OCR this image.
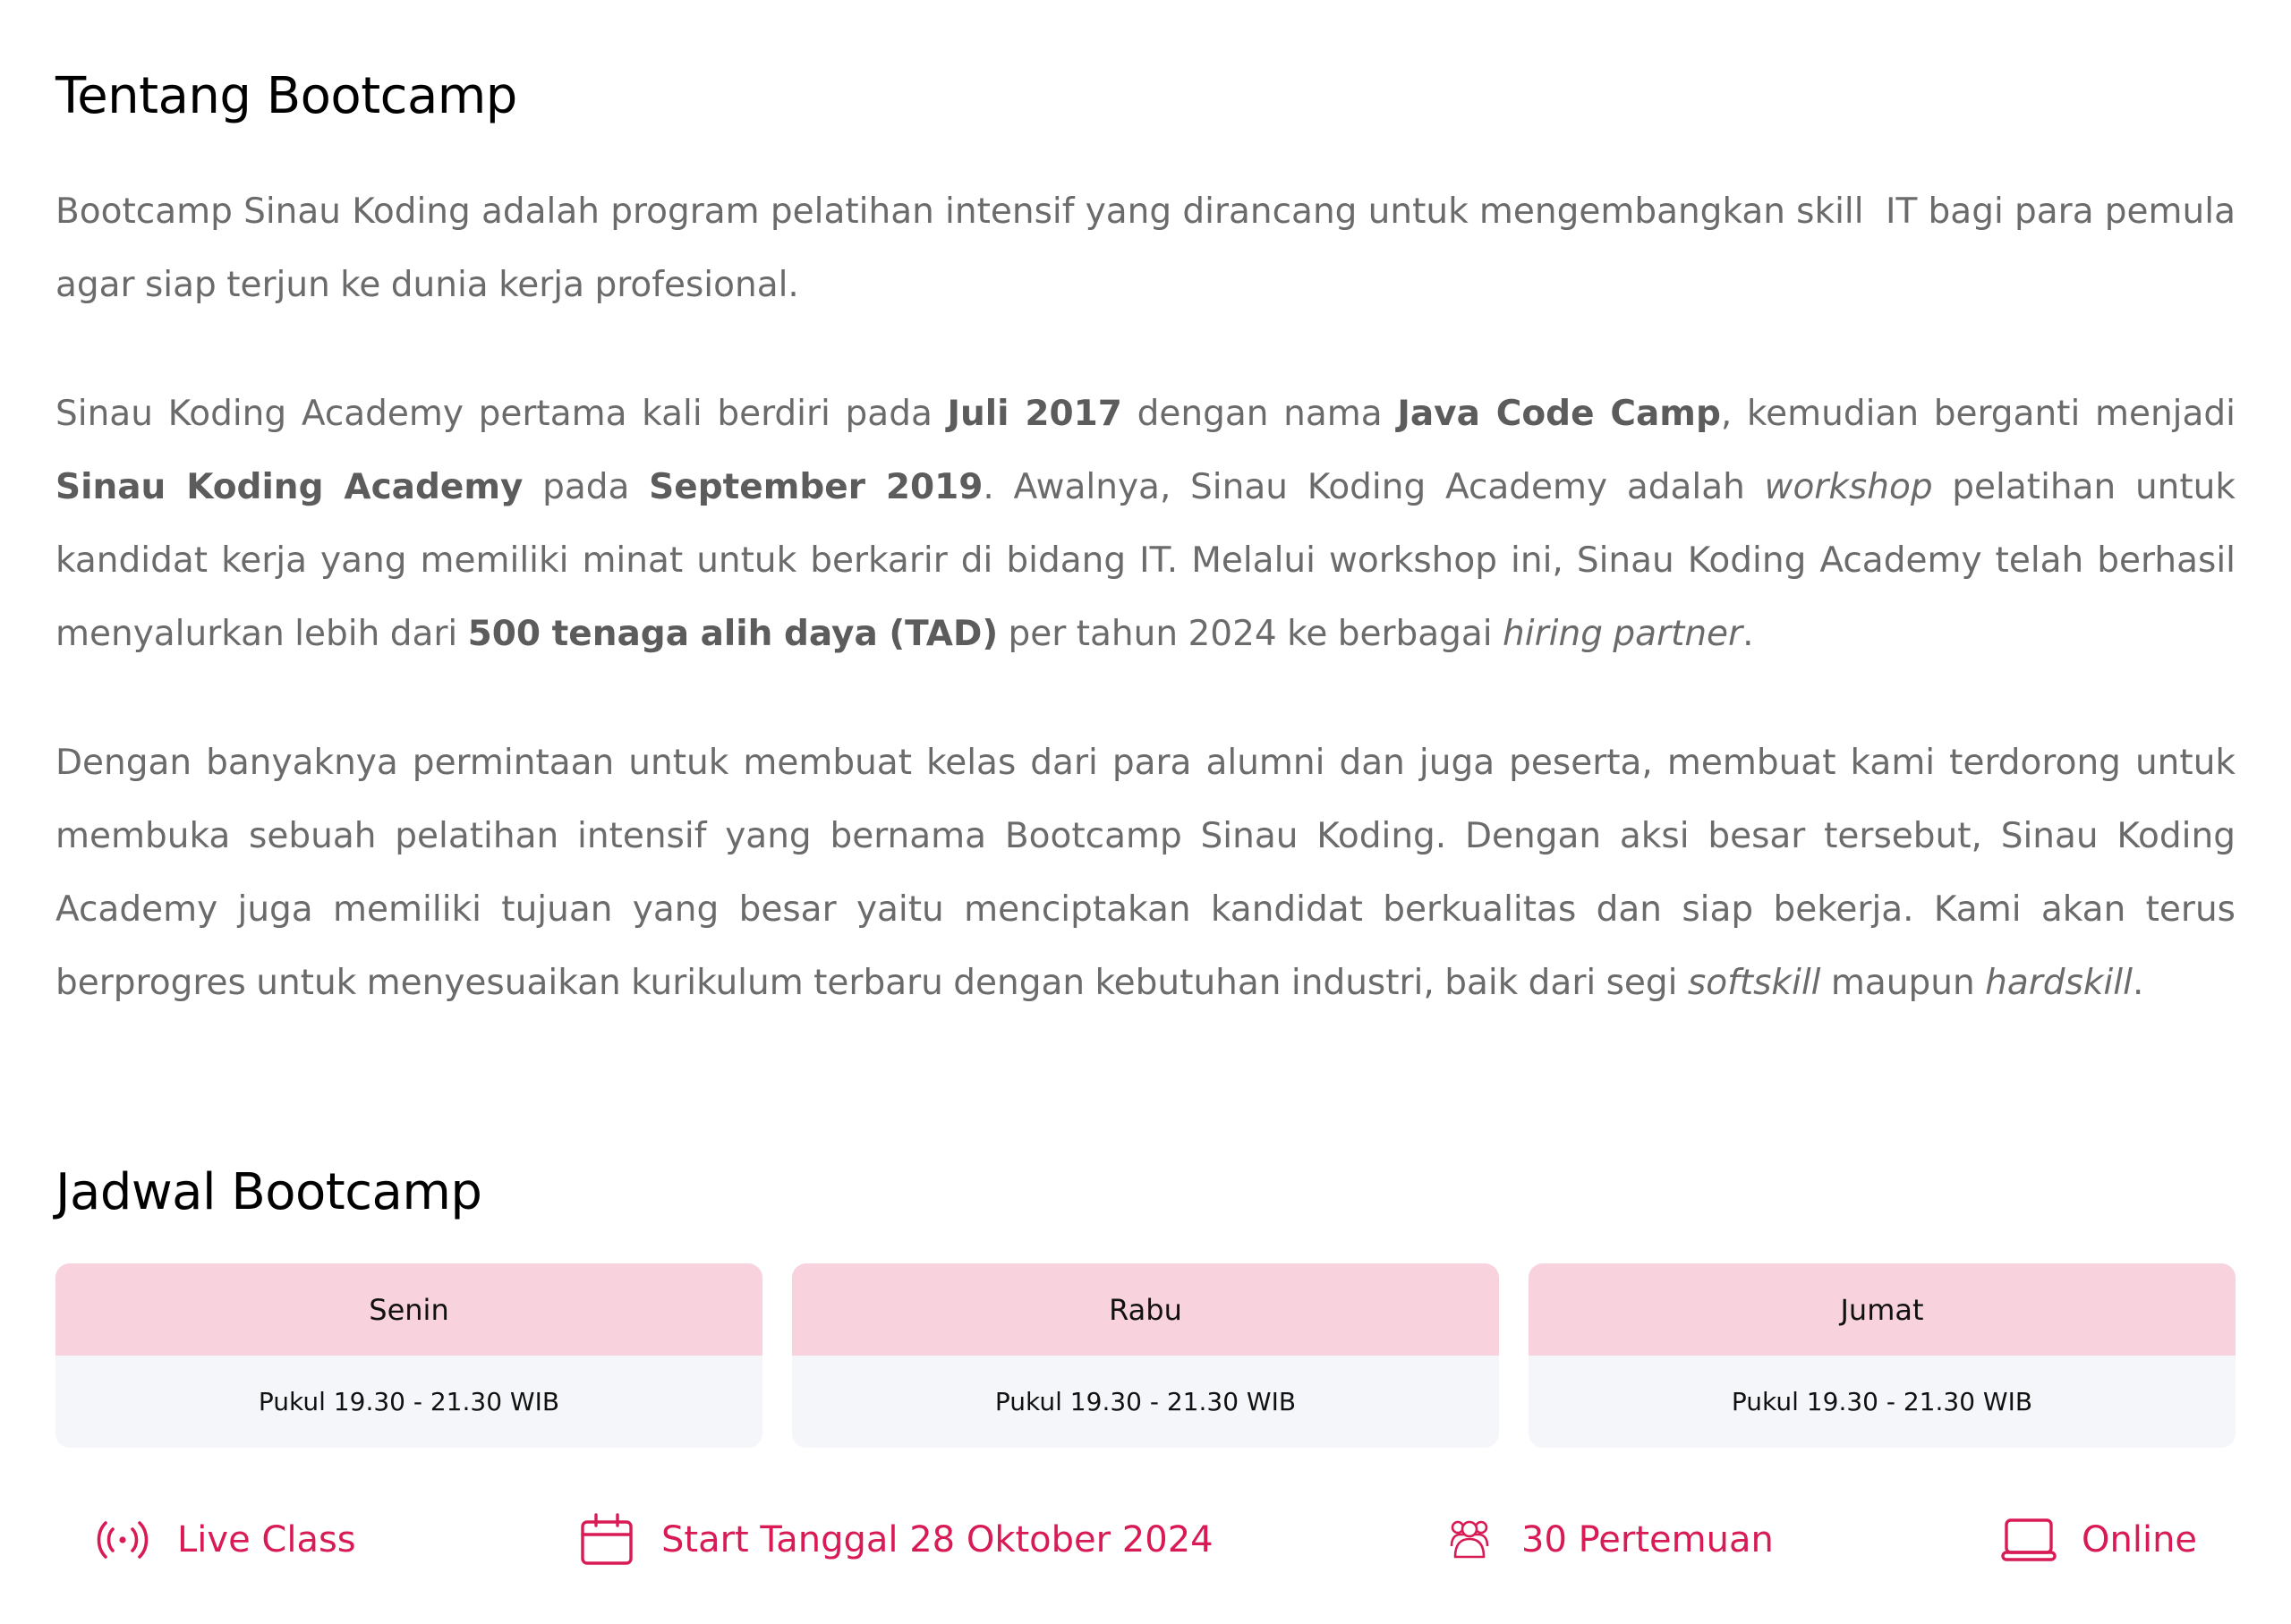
Tentang Bootcamp

Bootcamp Sinau Koding adalah program pelatihan intensif yang dirancang untuk mengembangkan skill  IT bagi para pemula agar siap terjun ke dunia kerja profesional.

Sinau Koding Academy pertama kali berdiri pada Juli 2017 dengan nama Java Code Camp, kemudian berganti menjadi Sinau Koding Academy pada September 2019. Awalnya, Sinau Koding Academy adalah workshop pelatihan untuk kandidat kerja yang memiliki minat untuk berkarir di bidang IT. Melalui workshop ini, Sinau Koding Academy telah berhasil menyalurkan lebih dari 500 tenaga alih daya (TAD) per tahun 2024 ke berbagai hiring partner.

Dengan banyaknya permintaan untuk membuat kelas dari para alumni dan juga peserta, membuat kami terdorong untuk membuka sebuah pelatihan intensif yang bernama Bootcamp Sinau Koding. Dengan aksi besar tersebut, Sinau Koding Academy juga memiliki tujuan yang besar yaitu menciptakan kandidat berkualitas dan siap bekerja. Kami akan terus berprogres untuk menyesuaikan kurikulum terbaru dengan kebutuhan industri, baik dari segi softskill maupun hardskill.

Jadwal Bootcamp
Senin
Pukul 19.30 - 21.30 WIB
Rabu
Pukul 19.30 - 21.30 WIB
Jumat
Pukul 19.30 - 21.30 WIB
Live Class	Start Tanggal 28 Oktober 2024	30 Pertemuan	Online
